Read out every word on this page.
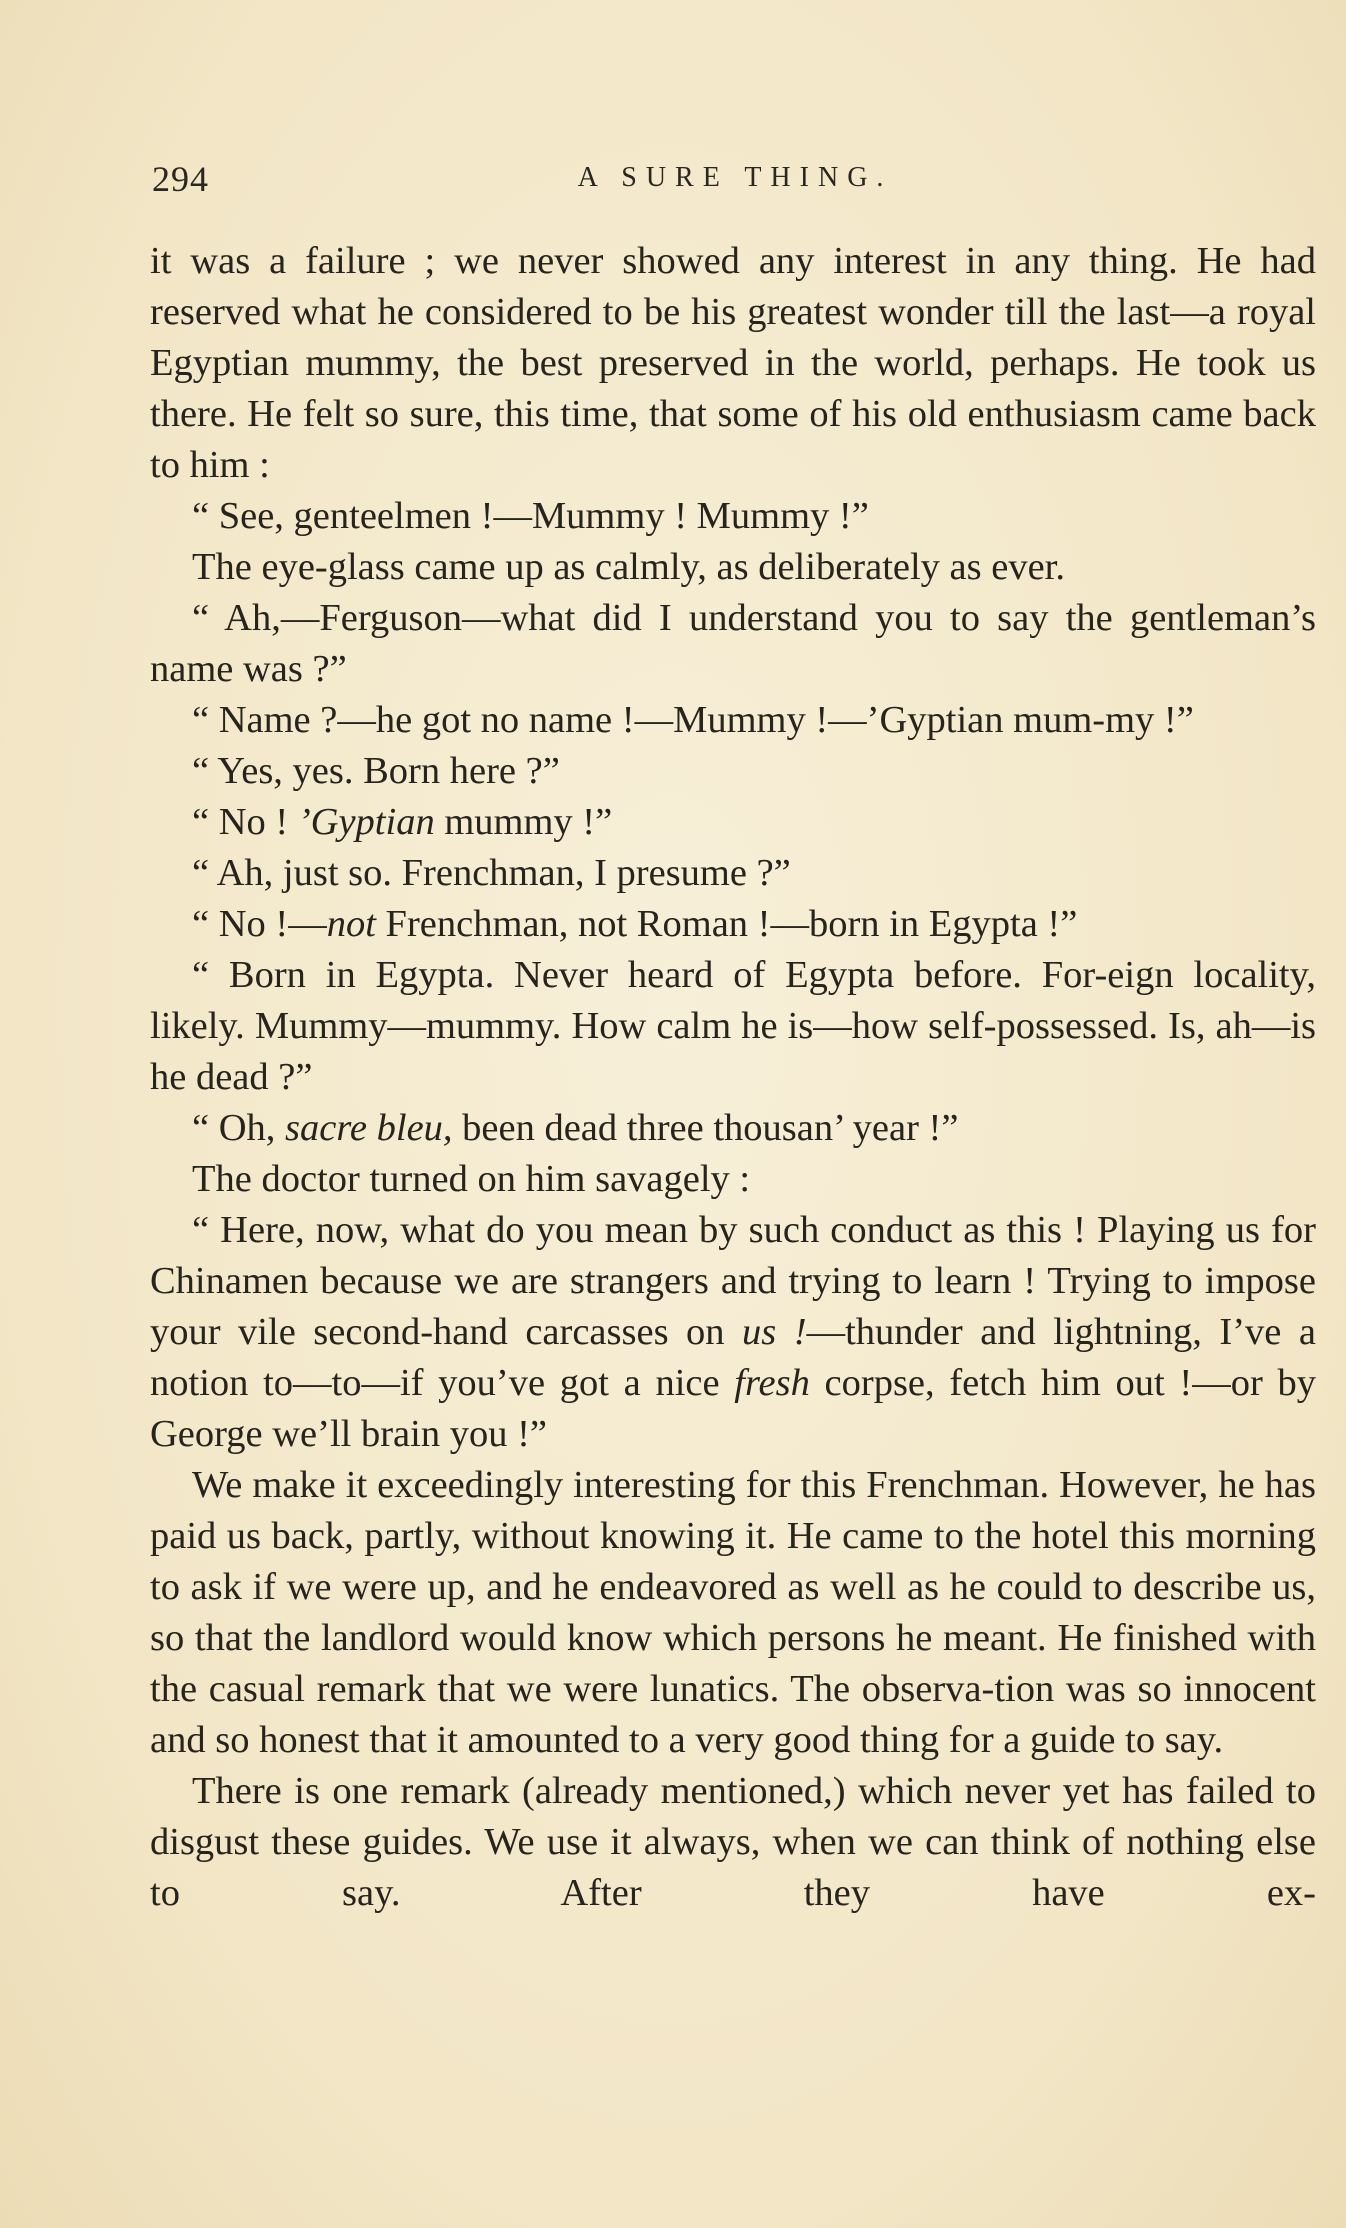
294	A SURE THING.

it was a failure ; we never showed any interest in any thing. He had reserved what he considered to be his greatest wonder till the last—a royal Egyptian mummy, the best preserved in the world, perhaps. He took us there. He felt so sure, this time, that some of his old enthusiasm came back to him :

“ See, genteelmen !—Mummy ! Mummy !”

The eye-glass came up as calmly, as deliberately as ever.

“ Ah,—Ferguson—what did I understand you to say the gentleman’s name was ?”

“ Name ?—he got no name !—Mummy !—’Gyptian mum-my !”

“ Yes, yes. Born here ?”

“ No ! ’Gyptian mummy !”

“ Ah, just so. Frenchman, I presume ?”

“ No !—not Frenchman, not Roman !—born in Egypta !”

“ Born in Egypta. Never heard of Egypta before. For-eign locality, likely. Mummy—mummy. How calm he is—how self-possessed. Is, ah—is he dead ?”

“ Oh, sacre bleu, been dead three thousan’ year !”

The doctor turned on him savagely :

“ Here, now, what do you mean by such conduct as this ! Playing us for Chinamen because we are strangers and trying to learn ! Trying to impose your vile second-hand carcasses on us !—thunder and lightning, I’ve a notion to—to—if you’ve got a nice fresh corpse, fetch him out !—or by George we’ll brain you !”

We make it exceedingly interesting for this Frenchman. However, he has paid us back, partly, without knowing it. He came to the hotel this morning to ask if we were up, and he endeavored as well as he could to describe us, so that the landlord would know which persons he meant. He finished with the casual remark that we were lunatics. The observa-tion was so innocent and so honest that it amounted to a very good thing for a guide to say.

There is one remark (already mentioned,) which never yet has failed to disgust these guides. We use it always, when we can think of nothing else to say. After they have ex-
